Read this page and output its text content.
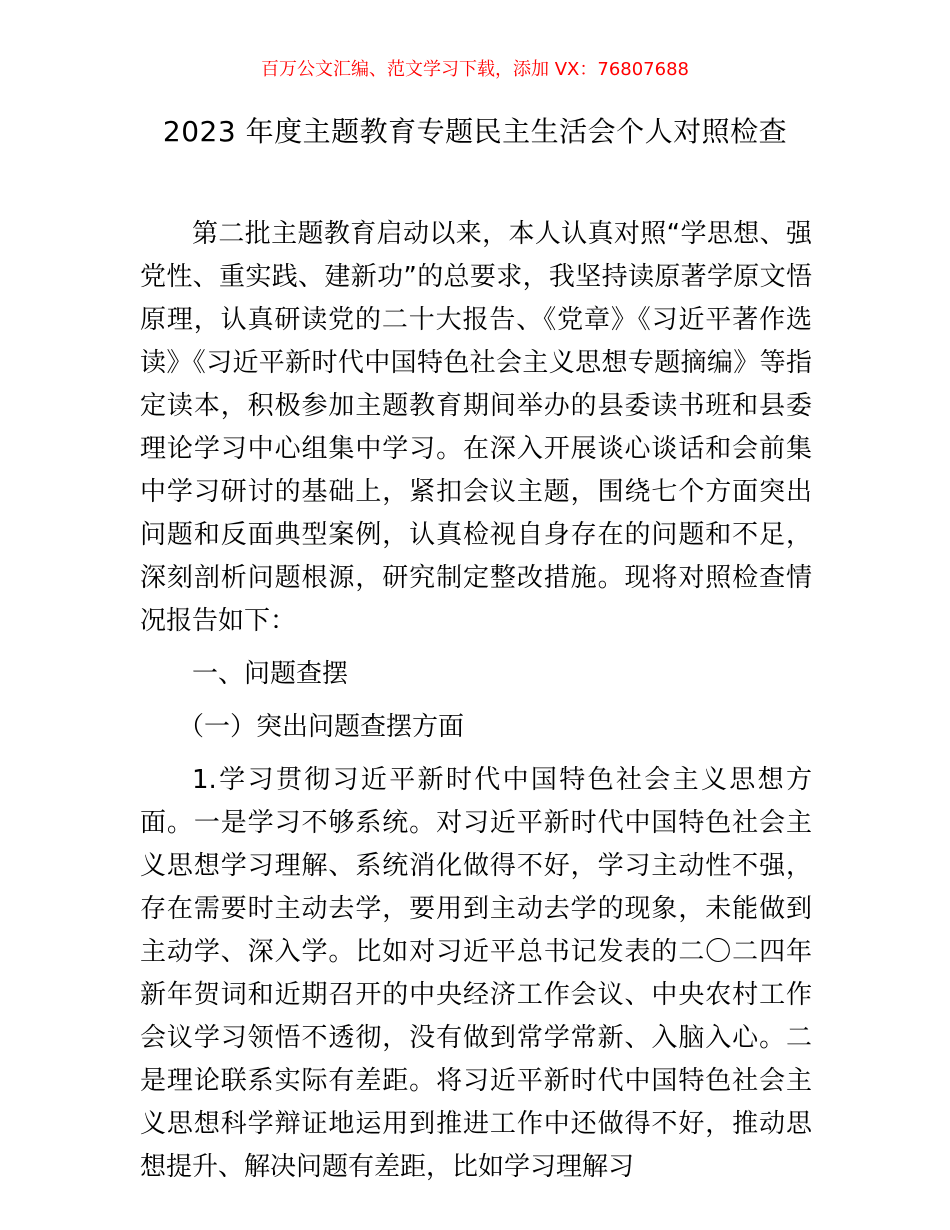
百万公文汇编、范文学习下载，添加 VX：76807688
2023 年度主题教育专题民主生活会个人对照检查

第二批主题教育启动以来，本人认真对照“学思想、强党性、重实践、建新功”的总要求，我坚持读原著学原文悟原理，认真研读党的二十大报告、《党章》《习近平著作选读》《习近平新时代中国特色社会主义思想专题摘编》等指定读本，积极参加主题教育期间举办的县委读书班和县委理论学习中心组集中学习。在深入开展谈心谈话和会前集中学习研讨的基础上，紧扣会议主题，围绕七个方面突出问题和反面典型案例，认真检视自身存在的问题和不足，深刻剖析问题根源，研究制定整改措施。现将对照检查情况报告如下：

一、问题查摆

（一）突出问题查摆方面

1.学习贯彻习近平新时代中国特色社会主义思想方面。一是学习不够系统。对习近平新时代中国特色社会主义思想学习理解、系统消化做得不好，学习主动性不强，存在需要时主动去学，要用到主动去学的现象，未能做到主动学、深入学。比如对习近平总书记发表的二〇二四年新年贺词和近期召开的中央经济工作会议、中央农村工作会议学习领悟不透彻，没有做到常学常新、入脑入心。二是理论联系实际有差距。将习近平新时代中国特色社会主义思想科学辩证地运用到推进工作中还做得不好，推动思想提升、解决问题有差距，比如学习理解习
